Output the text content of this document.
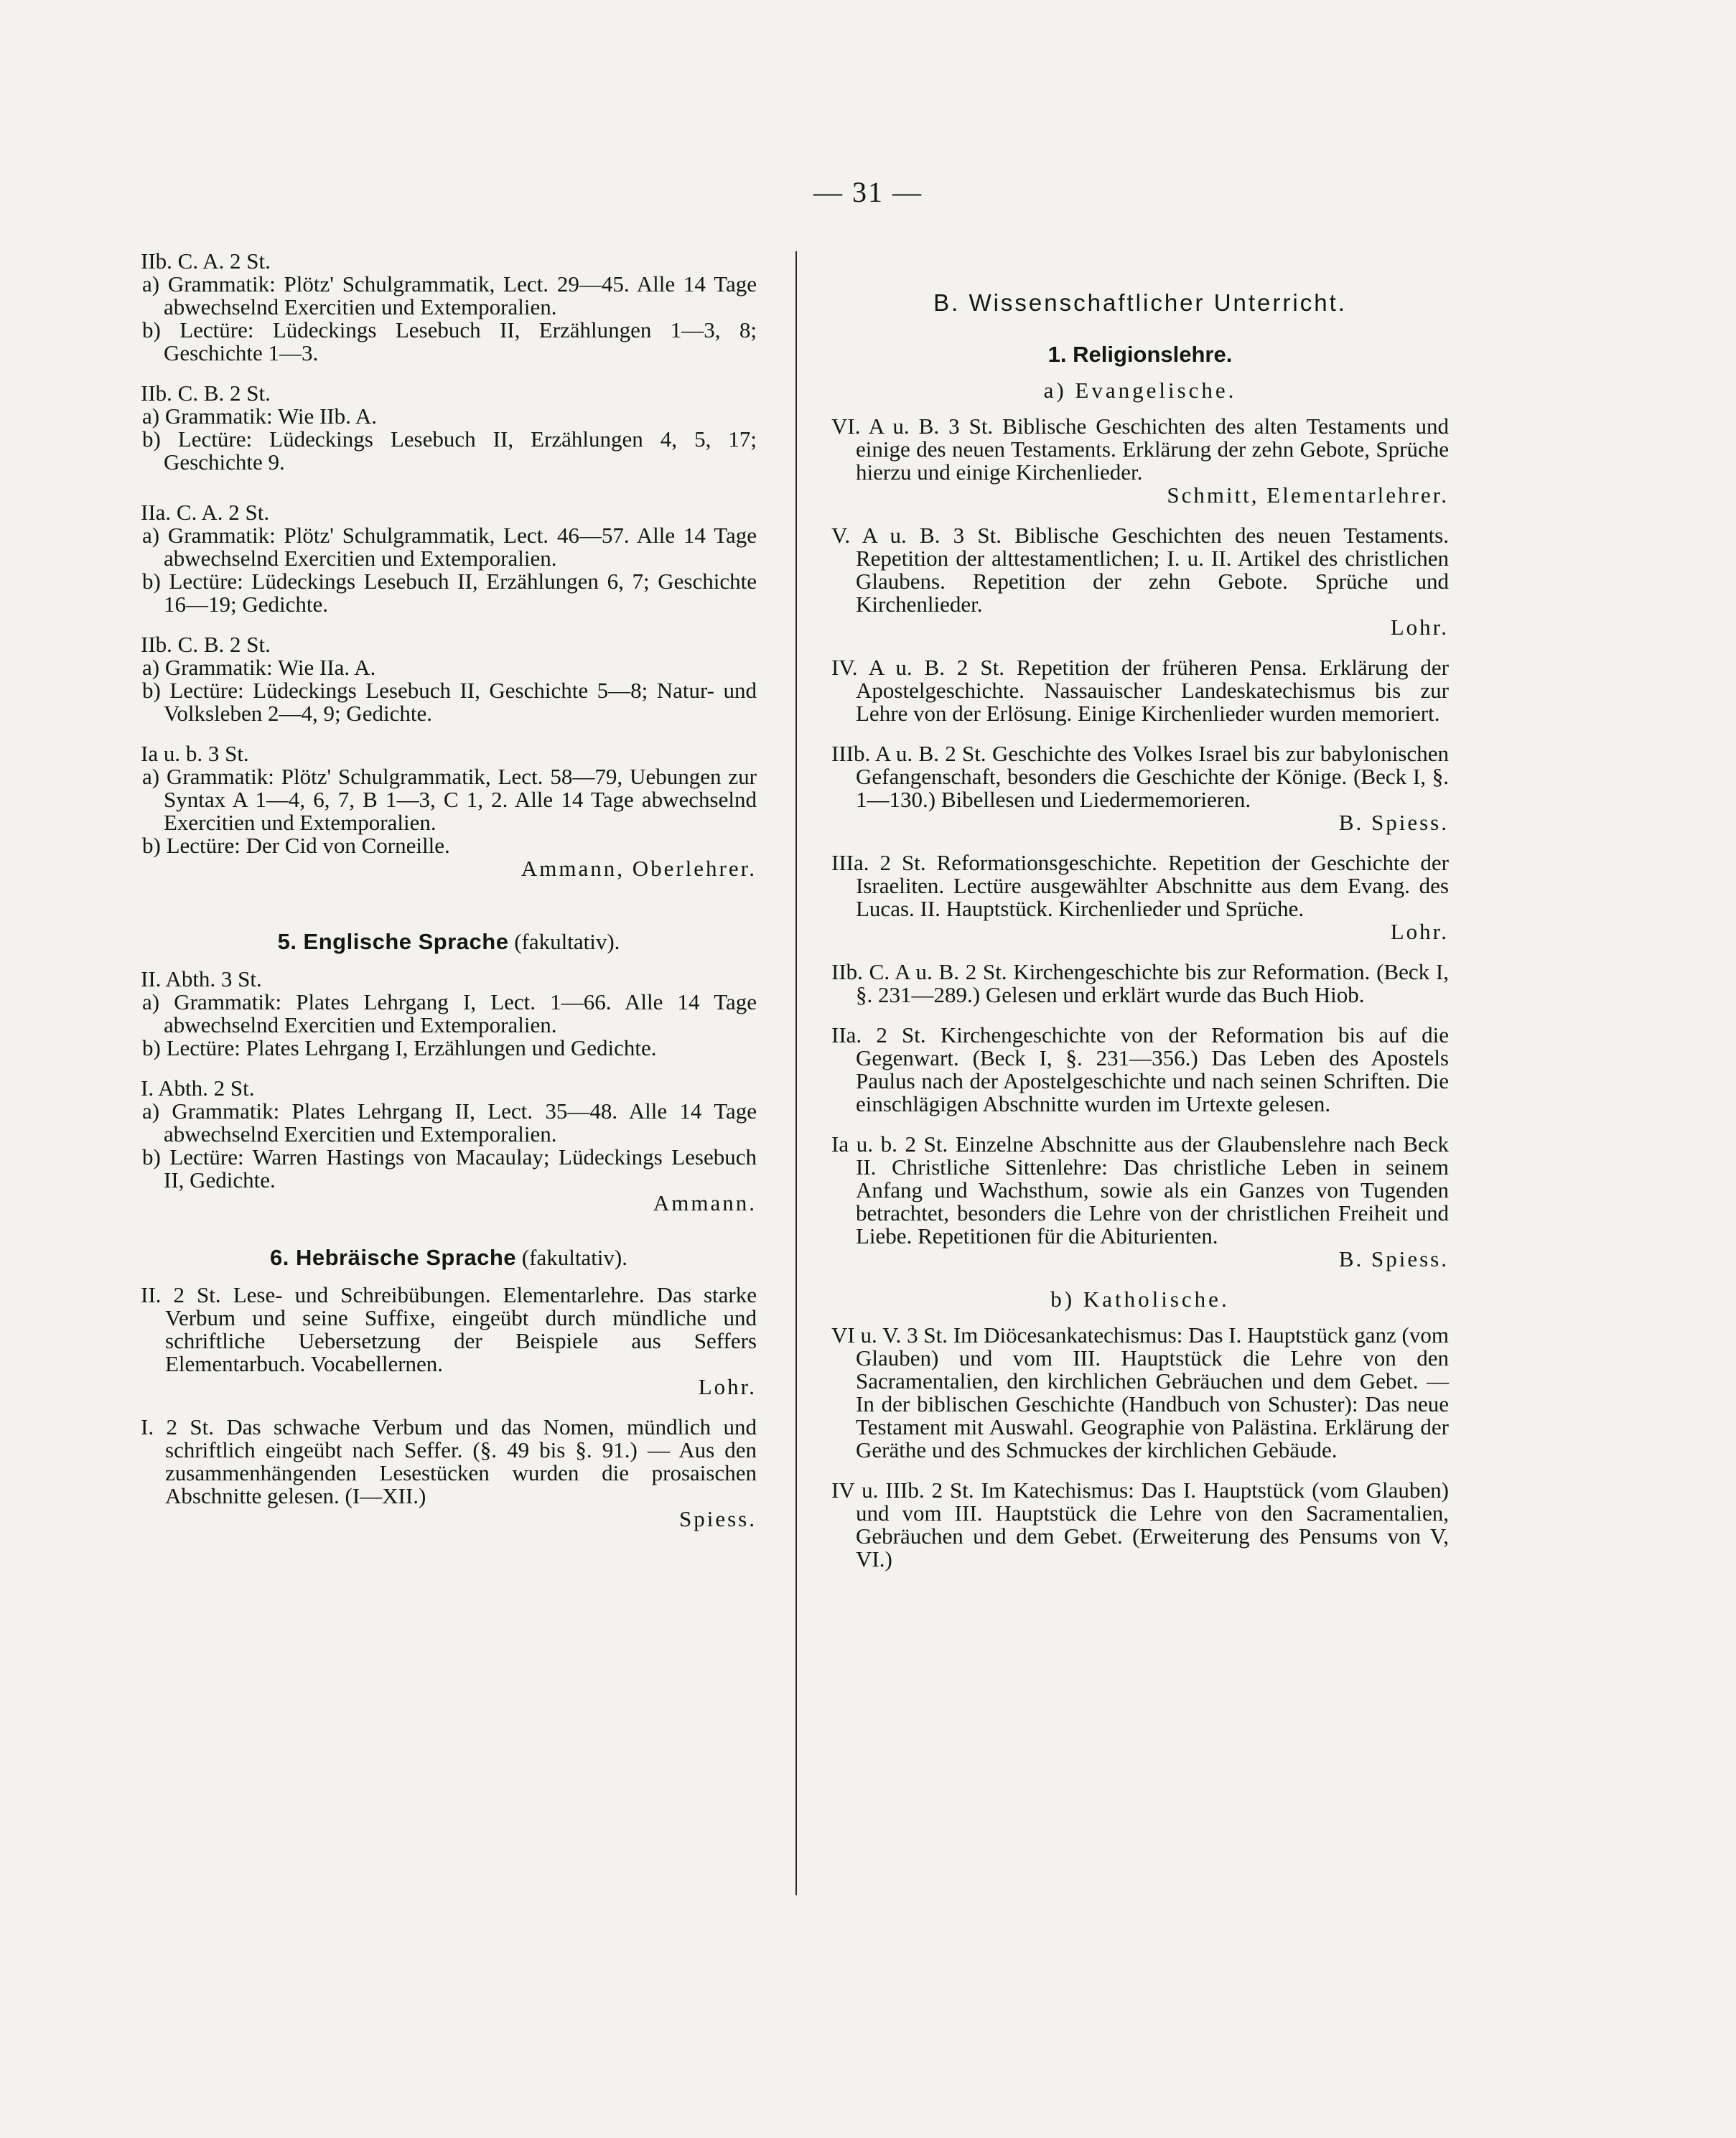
— 31 —
IIb. C. A. 2 St.
a) Grammatik: Plötz' Schulgrammatik, Lect. 29—45. Alle 14 Tage abwechselnd Exercitien und Extemporalien.
b) Lectüre: Lüdeckings Lesebuch II, Erzählungen 1—3, 8; Geschichte 1—3.
IIb. C. B. 2 St.
a) Grammatik: Wie IIb. A.
b) Lectüre: Lüdeckings Lesebuch II, Erzählungen 4, 5, 17; Geschichte 9.
IIa. C. A. 2 St.
a) Grammatik: Plötz' Schulgrammatik, Lect. 46—57. Alle 14 Tage abwechselnd Exercitien und Extemporalien.
b) Lectüre: Lüdeckings Lesebuch II, Erzählungen 6, 7; Geschichte 16—19; Gedichte.
IIb. C. B. 2 St.
a) Grammatik: Wie IIa. A.
b) Lectüre: Lüdeckings Lesebuch II, Geschichte 5—8; Natur- und Volksleben 2—4, 9; Gedichte.
Ia u. b. 3 St.
a) Grammatik: Plötz' Schulgrammatik, Lect. 58—79, Uebungen zur Syntax A 1—4, 6, 7, B 1—3, C 1, 2. Alle 14 Tage abwechselnd Exercitien und Extemporalien.
b) Lectüre: Der Cid von Corneille.
Ammann, Oberlehrer.
5. Englische Sprache (fakultativ).
II. Abth. 3 St.
a) Grammatik: Plates Lehrgang I, Lect. 1—66. Alle 14 Tage abwechselnd Exercitien und Extemporalien.
b) Lectüre: Plates Lehrgang I, Erzählungen und Gedichte.
I. Abth. 2 St.
a) Grammatik: Plates Lehrgang II, Lect. 35—48. Alle 14 Tage abwechselnd Exercitien und Extemporalien.
b) Lectüre: Warren Hastings von Macaulay; Lüdeckings Lesebuch II, Gedichte.
Ammann.
6. Hebräische Sprache (fakultativ).
II. 2 St. Lese- und Schreibübungen. Elementarlehre. Das starke Verbum und seine Suffixe, eingeübt durch mündliche und schriftliche Uebersetzung der Beispiele aus Seffers Elementarbuch. Vocabellernen.
Lohr.
I. 2 St. Das schwache Verbum und das Nomen, mündlich und schriftlich eingeübt nach Seffer. (§. 49 bis §. 91.) — Aus den zusammenhängenden Lesestücken wurden die prosaischen Abschnitte gelesen. (I—XII.)
Spiess.
B. Wissenschaftlicher Unterricht.
1. Religionslehre.
a) Evangelische.
VI. A u. B. 3 St. Biblische Geschichten des alten Testaments und einige des neuen Testaments. Erklärung der zehn Gebote, Sprüche hierzu und einige Kirchenlieder.
Schmitt, Elementarlehrer.
V. A u. B. 3 St. Biblische Geschichten des neuen Testaments. Repetition der alttestamentlichen; I. u. II. Artikel des christlichen Glaubens. Repetition der zehn Gebote. Sprüche und Kirchenlieder.
Lohr.
IV. A u. B. 2 St. Repetition der früheren Pensa. Erklärung der Apostelgeschichte. Nassauischer Landeskatechismus bis zur Lehre von der Erlösung. Einige Kirchenlieder wurden memoriert.
IIIb. A u. B. 2 St. Geschichte des Volkes Israel bis zur babylonischen Gefangenschaft, besonders die Geschichte der Könige. (Beck I, §. 1—130.) Bibellesen und Liedermemorieren.
B. Spiess.
IIIa. 2 St. Reformationsgeschichte. Repetition der Geschichte der Israeliten. Lectüre ausgewählter Abschnitte aus dem Evang. des Lucas. II. Hauptstück. Kirchenlieder und Sprüche.
Lohr.
IIb. C. A u. B. 2 St. Kirchengeschichte bis zur Reformation. (Beck I, §. 231—289.) Gelesen und erklärt wurde das Buch Hiob.
IIa. 2 St. Kirchengeschichte von der Reformation bis auf die Gegenwart. (Beck I, §. 231—356.) Das Leben des Apostels Paulus nach der Apostelgeschichte und nach seinen Schriften. Die einschlägigen Abschnitte wurden im Urtexte gelesen.
Ia u. b. 2 St. Einzelne Abschnitte aus der Glaubenslehre nach Beck II. Christliche Sittenlehre: Das christliche Leben in seinem Anfang und Wachsthum, sowie als ein Ganzes von Tugenden betrachtet, besonders die Lehre von der christlichen Freiheit und Liebe. Repetitionen für die Abiturienten.
B. Spiess.
b) Katholische.
VI u. V. 3 St. Im Diöcesankatechismus: Das I. Hauptstück ganz (vom Glauben) und vom III. Hauptstück die Lehre von den Sacramentalien, den kirchlichen Gebräuchen und dem Gebet. — In der biblischen Geschichte (Handbuch von Schuster): Das neue Testament mit Auswahl. Geographie von Palästina. Erklärung der Geräthe und des Schmuckes der kirchlichen Gebäude.
IV u. IIIb. 2 St. Im Katechismus: Das I. Hauptstück (vom Glauben) und vom III. Hauptstück die Lehre von den Sacramentalien, Gebräuchen und dem Gebet. (Erweiterung des Pensums von V, VI.)
